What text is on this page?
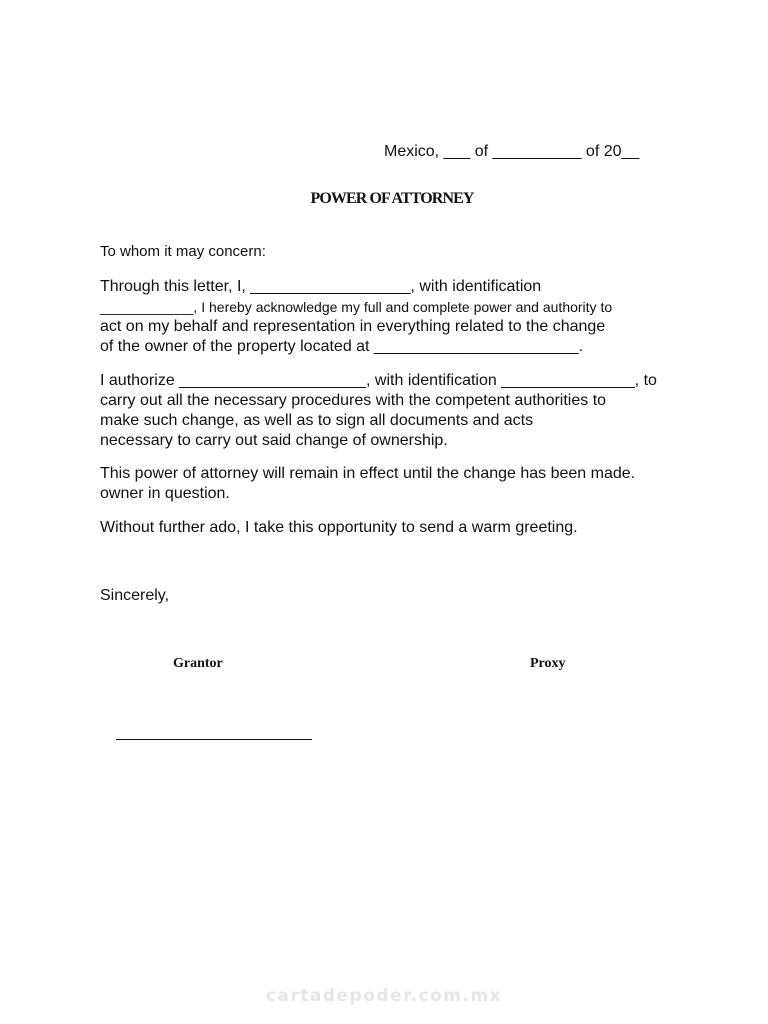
Mexico, ___ of __________ of 20__
POWER OF ATTORNEY
To whom it may concern:
Through this letter, I, __________________, with identification
____________, I hereby acknowledge my full and complete power and authority to
act on my behalf and representation in everything related to the change
of the owner of the property located at _______________________.
I authorize _____________________, with identification _______________, to
carry out all the necessary procedures with the competent authorities to
make such change, as well as to sign all documents and acts
necessary to carry out said change of ownership.
This power of attorney will remain in effect until the change has been made.
owner in question.
Without further ado, I take this opportunity to send a warm greeting.
Sincerely,
Grantor	Proxy
cartadepoder.com.mx
